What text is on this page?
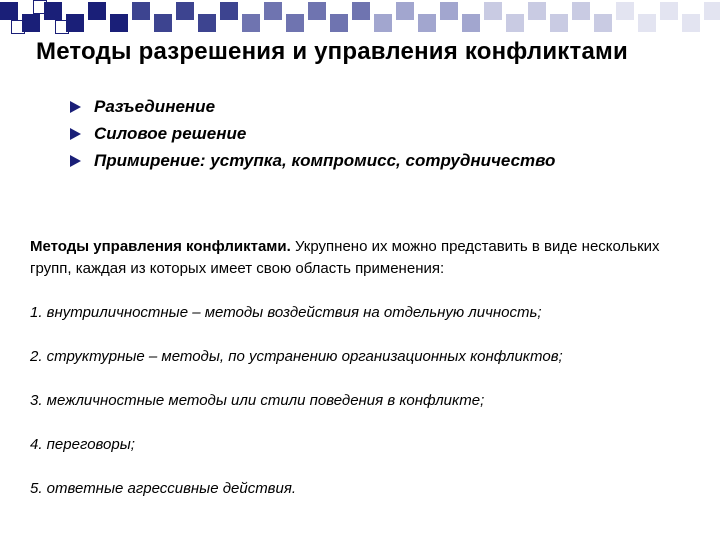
Методы разрешения и управления конфликтами
Разъединение
Силовое решение
Примирение: уступка, компромисс, сотрудничество

Методы управления конфликтами. Укрупнено их можно представить в виде нескольких групп, каждая из которых имеет свою область применения:

1. внутриличностные – методы воздействия на отдельную личность;

2. структурные – методы, по устранению организационных конфликтов;

3. межличностные методы или стили поведения в конфликте;

4. переговоры;

5. ответные агрессивные действия.
